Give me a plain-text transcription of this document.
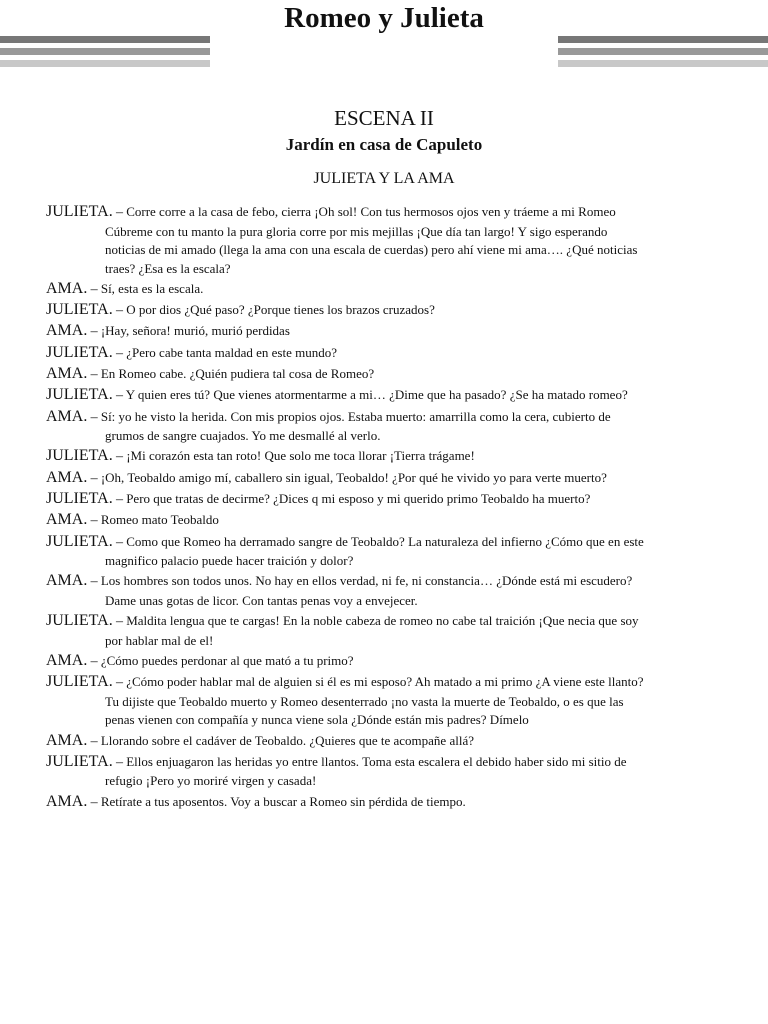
Romeo y Julieta
ESCENA II
Jardín en casa de Capuleto
JULIETA Y LA AMA
JULIETA. – Corre corre a la casa de febo, cierra ¡Oh sol! Con tus hermosos ojos ven y tráeme a mi Romeo Cúbreme con tu manto la pura gloria corre por mis mejillas ¡Que día tan largo! Y sigo esperando noticias de mi amado (llega la ama con una escala de cuerdas) pero ahí viene mi ama…. ¿Qué noticias traes? ¿Esa es la escala?
AMA. – Sí, esta es la escala.
JULIETA. – O por dios ¿Qué paso? ¿Porque tienes los brazos cruzados?
AMA. – ¡Hay, señora! murió, murió perdidas
JULIETA. – ¿Pero cabe tanta maldad en este mundo?
AMA. – En Romeo cabe. ¿Quién pudiera tal cosa de Romeo?
JULIETA. – Y quien eres tú? Que vienes atormentarme a mi… ¿Dime que ha pasado? ¿Se ha matado romeo?
AMA. – Sí: yo he visto la herida. Con mis propios ojos. Estaba muerto: amarrilla como la cera, cubierto de grumos de sangre cuajados. Yo me desmallé al verlo.
JULIETA. – ¡Mi corazón esta tan roto! Que solo me toca llorar ¡Tierra trágame!
AMA. – ¡Oh, Teobaldo amigo mí, caballero sin igual, Teobaldo! ¿Por qué he vivido yo para verte muerto?
JULIETA. – Pero que tratas de decirme? ¿Dices q mi esposo y mi querido primo Teobaldo ha muerto?
AMA. – Romeo mato Teobaldo
JULIETA. – Como que Romeo ha derramado sangre de Teobaldo? La naturaleza del infierno ¿Cómo que en este magnifico palacio puede hacer traición y dolor?
AMA. – Los hombres son todos unos. No hay en ellos verdad, ni fe, ni constancia… ¿Dónde está mi escudero? Dame unas gotas de licor. Con tantas penas voy a envejecer.
JULIETA. – Maldita lengua que te cargas! En la noble cabeza de romeo no cabe tal traición ¡Que necia que soy por hablar mal de el!
AMA. – ¿Cómo puedes perdonar al que mató a tu primo?
JULIETA. – ¿Cómo poder hablar mal de alguien si él es mi esposo? Ah matado a mi primo ¿A viene este llanto? Tu dijiste que Teobaldo muerto y Romeo desenterrado ¡no vasta la muerte de Teobaldo, o es que las penas vienen con compañía y nunca viene sola ¿Dónde están mis padres? Dímelo
AMA. – Llorando sobre el cadáver de Teobaldo. ¿Quieres que te acompañe allá?
JULIETA. – Ellos enjuagaron las heridas yo entre llantos. Toma esta escalera el debido haber sido mi sitio de refugio ¡Pero yo moriré virgen y casada!
AMA. – Retírate a tus aposentos. Voy a buscar a Romeo sin pérdida de tiempo.
